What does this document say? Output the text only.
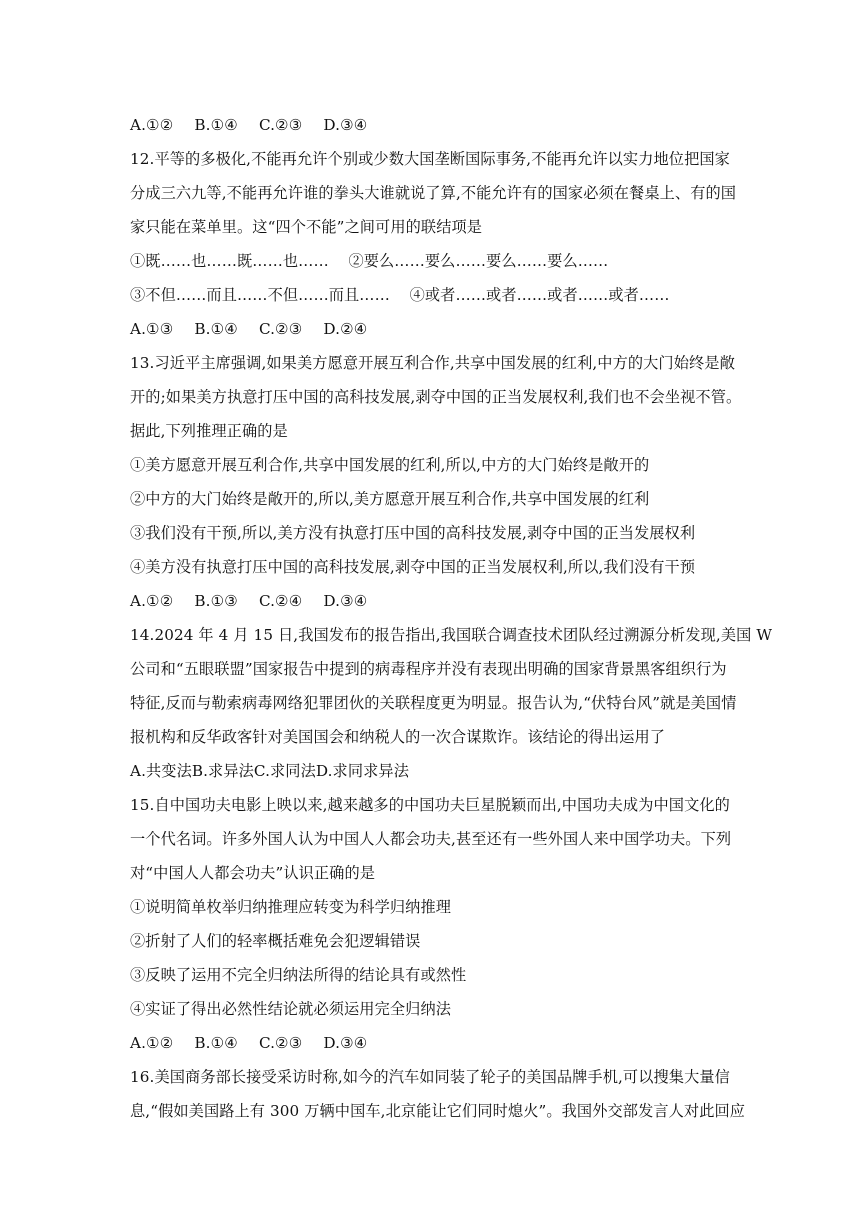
A.①② B.①④ C.②③ D.③④
12.平等的多极化,不能再允许个别或少数大国垄断国际事务,不能再允许以实力地位把国家
分成三六九等,不能再允许谁的拳头大谁就说了算,不能允许有的国家必须在餐桌上、有的国
家只能在菜单里。这“四个不能”之间可用的联结项是
①既……也……既……也……    ②要么……要么……要么……要么……
③不但……而且……不但……而且……    ④或者……或者……或者……或者……
A.①③ B.①④ C.②③ D.②④
13.习近平主席强调,如果美方愿意开展互利合作,共享中国发展的红利,中方的大门始终是敞
开的;如果美方执意打压中国的高科技发展,剥夺中国的正当发展权利,我们也不会坐视不管。
据此,下列推理正确的是
①美方愿意开展互利合作,共享中国发展的红利,所以,中方的大门始终是敞开的
②中方的大门始终是敞开的,所以,美方愿意开展互利合作,共享中国发展的红利
③我们没有干预,所以,美方没有执意打压中国的高科技发展,剥夺中国的正当发展权利
④美方没有执意打压中国的高科技发展,剥夺中国的正当发展权利,所以,我们没有干预
A.①② B.①③ C.②④ D.③④
14.2024 年 4 月 15 日,我国发布的报告指出,我国联合调查技术团队经过溯源分析发现,美国 W
公司和“五眼联盟”国家报告中提到的病毒程序并没有表现出明确的国家背景黑客组织行为
特征,反而与勒索病毒网络犯罪团伙的关联程度更为明显。报告认为,“伏特台风”就是美国情
报机构和反华政客针对美国国会和纳税人的一次合谋欺诈。该结论的得出运用了
A.共变法B.求异法C.求同法D.求同求异法
15.自中国功夫电影上映以来,越来越多的中国功夫巨星脱颖而出,中国功夫成为中国文化的
一个代名词。许多外国人认为中国人人都会功夫,甚至还有一些外国人来中国学功夫。下列
对“中国人人都会功夫”认识正确的是
①说明简单枚举归纳推理应转变为科学归纳推理
②折射了人们的轻率概括难免会犯逻辑错误
③反映了运用不完全归纳法所得的结论具有或然性
④实证了得出必然性结论就必须运用完全归纳法
A.①② B.①④ C.②③ D.③④
16.美国商务部长接受采访时称,如今的汽车如同装了轮子的美国品牌手机,可以搜集大量信
息,“假如美国路上有 300 万辆中国车,北京能让它们同时熄火”。我国外交部发言人对此回应
